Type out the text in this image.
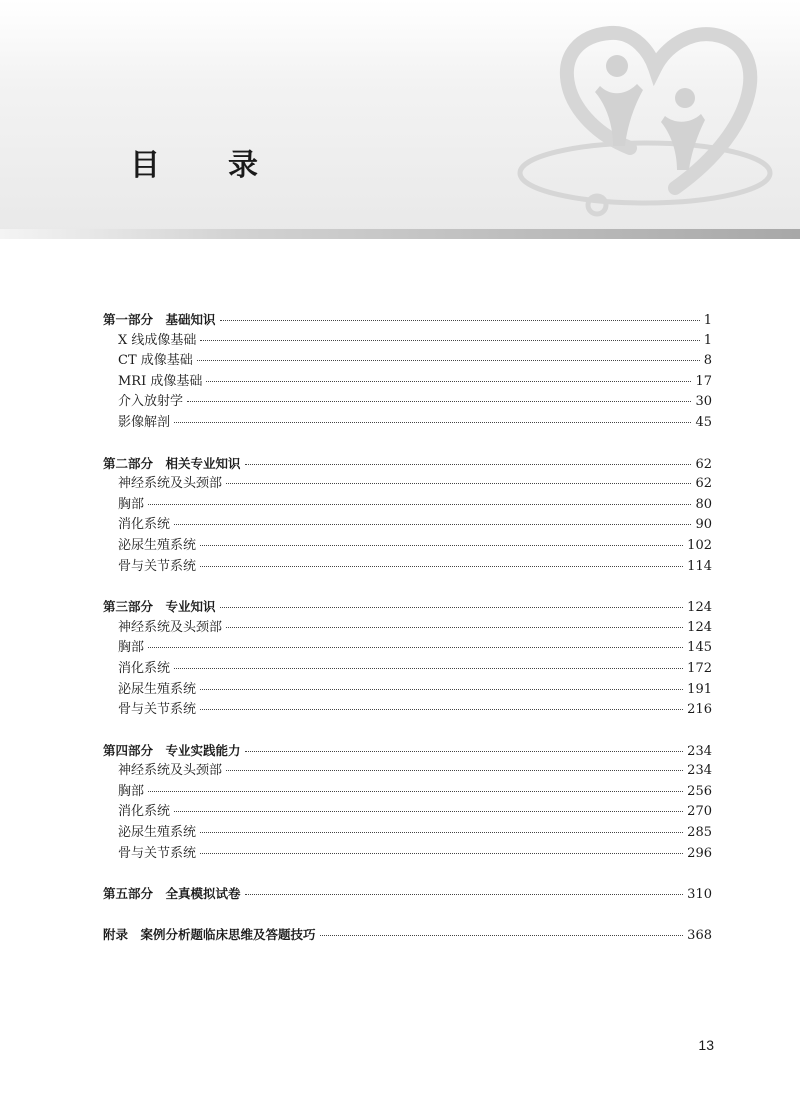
目录
第一部分　基础知识	1
X 线成像基础	1
CT 成像基础	8
MRI 成像基础	17
介入放射学	30
影像解剖	45
第二部分　相关专业知识	62
神经系统及头颈部	62
胸部	80
消化系统	90
泌尿生殖系统	102
骨与关节系统	114
第三部分　专业知识	124
神经系统及头颈部	124
胸部	145
消化系统	172
泌尿生殖系统	191
骨与关节系统	216
第四部分　专业实践能力	234
神经系统及头颈部	234
胸部	256
消化系统	270
泌尿生殖系统	285
骨与关节系统	296
第五部分　全真模拟试卷	310
附录　案例分析题临床思维及答题技巧	368
13
